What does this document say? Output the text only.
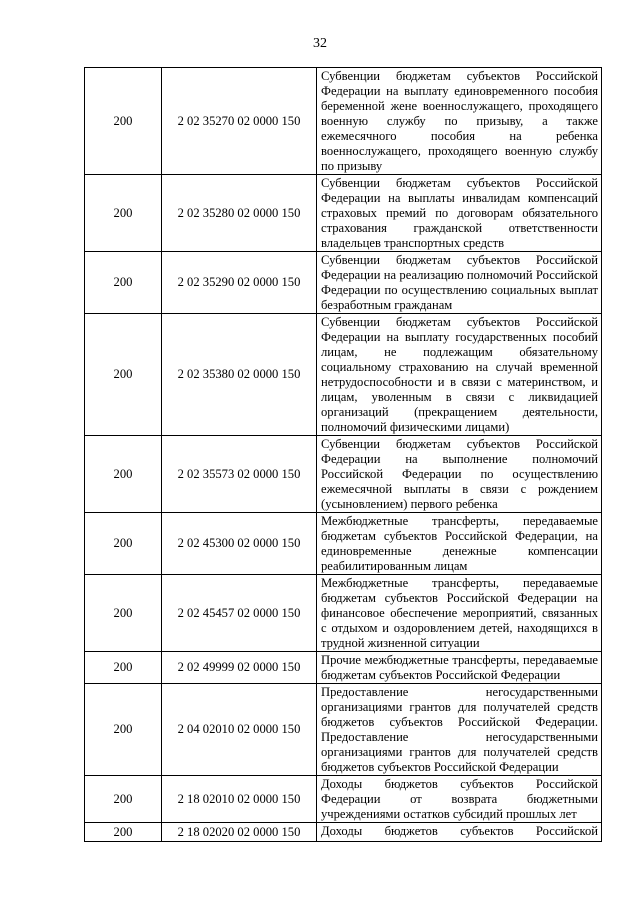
32
200	2 02 35270 02 0000 150	Субвенции бюджетам субъектов Российской Федерации на выплату единовременного пособия беременной жене военнослужащего, проходящего военную службу по призыву, а также ежемесячного пособия на ребенка военнослужащего, проходящего военную службу по призыву
200	2 02 35280 02 0000 150	Субвенции бюджетам субъектов Российской Федерации на выплаты инвалидам компенсаций страховых премий по договорам обязательного страхования гражданской ответственности владельцев транспортных средств
200	2 02 35290 02 0000 150	Субвенции бюджетам субъектов Российской Федерации на реализацию полномочий Российской Федерации по осуществлению социальных выплат безработным гражданам
200	2 02 35380 02 0000 150	Субвенции бюджетам субъектов Российской Федерации на выплату государственных пособий лицам, не подлежащим обязательному социальному страхованию на случай временной нетрудоспособности и в связи с материнством, и лицам, уволенным в связи с ликвидацией организаций (прекращением деятельности, полномочий физическими лицами)
200	2 02 35573 02 0000 150	Субвенции бюджетам субъектов Российской Федерации на выполнение полномочий Российской Федерации по осуществлению ежемесячной выплаты в связи с рождением (усыновлением) первого ребенка
200	2 02 45300 02 0000 150	Межбюджетные трансферты, передаваемые бюджетам субъектов Российской Федерации, на единовременные денежные компенсации реабилитированным лицам
200	2 02 45457 02 0000 150	Межбюджетные трансферты, передаваемые бюджетам субъектов Российской Федерации на финансовое обеспечение мероприятий, связанных с отдыхом и оздоровлением детей, находящихся в трудной жизненной ситуации
200	2 02 49999 02 0000 150	Прочие межбюджетные трансферты, передаваемые бюджетам субъектов Российской Федерации
200	2 04 02010 02 0000 150	Предоставление негосударственными организациями грантов для получателей средств бюджетов субъектов Российской Федерации. Предоставление негосударственными организациями грантов для получателей средств бюджетов субъектов Российской Федерации
200	2 18 02010 02 0000 150	Доходы бюджетов субъектов Российской Федерации от возврата бюджетными учреждениями остатков субсидий прошлых лет
200	2 18 02020 02 0000 150	Доходы бюджетов субъектов Российской
